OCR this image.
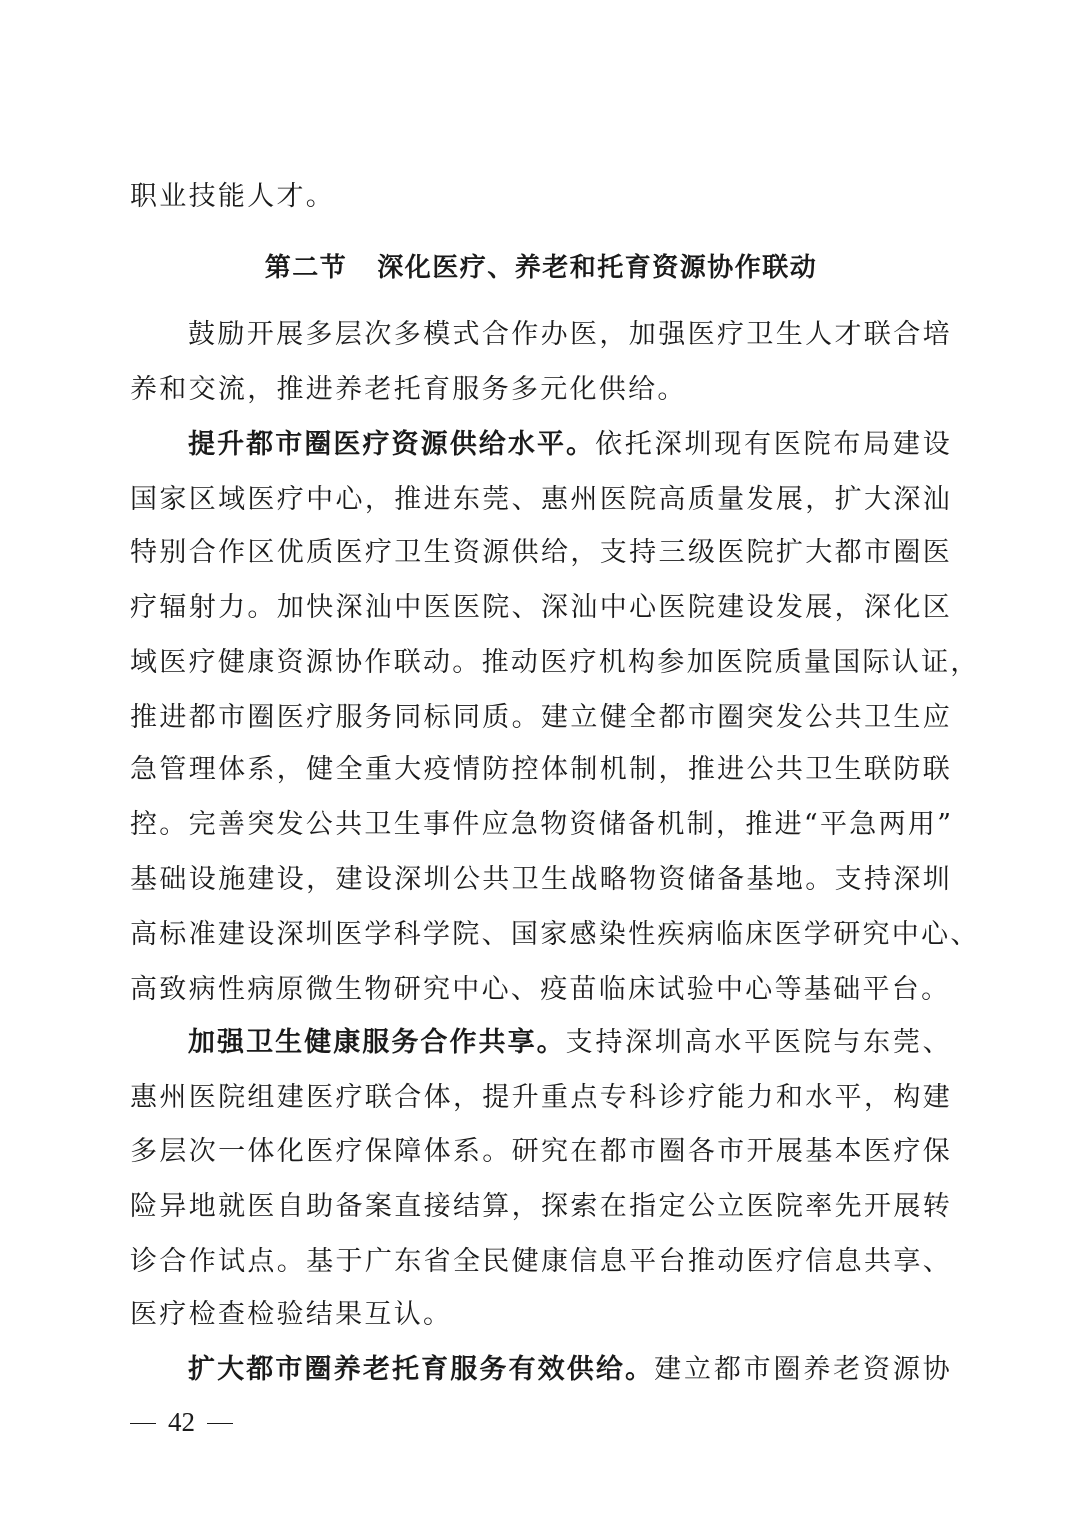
职业技能人才。
第二节 深化医疗、养老和托育资源协作联动
鼓励开展多层次多模式合作办医，加强医疗卫生人才联合培
养和交流，推进养老托育服务多元化供给。
提升都市圈医疗资源供给水平。依托深圳现有医院布局建设
国家区域医疗中心，推进东莞、惠州医院高质量发展，扩大深汕
特别合作区优质医疗卫生资源供给，支持三级医院扩大都市圈医
疗辐射力。加快深汕中医医院、深汕中心医院建设发展，深化区
域医疗健康资源协作联动。推动医疗机构参加医院质量国际认证，
推进都市圈医疗服务同标同质。建立健全都市圈突发公共卫生应
急管理体系，健全重大疫情防控体制机制，推进公共卫生联防联
控。完善突发公共卫生事件应急物资储备机制，推进“平急两用”
基础设施建设，建设深圳公共卫生战略物资储备基地。支持深圳
高标准建设深圳医学科学院、国家感染性疾病临床医学研究中心、
高致病性病原微生物研究中心、疫苗临床试验中心等基础平台。
加强卫生健康服务合作共享。支持深圳高水平医院与东莞、
惠州医院组建医疗联合体，提升重点专科诊疗能力和水平，构建
多层次一体化医疗保障体系。研究在都市圈各市开展基本医疗保
险异地就医自助备案直接结算，探索在指定公立医院率先开展转
诊合作试点。基于广东省全民健康信息平台推动医疗信息共享、
医疗检查检验结果互认。
扩大都市圈养老托育服务有效供给。建立都市圈养老资源协
42
